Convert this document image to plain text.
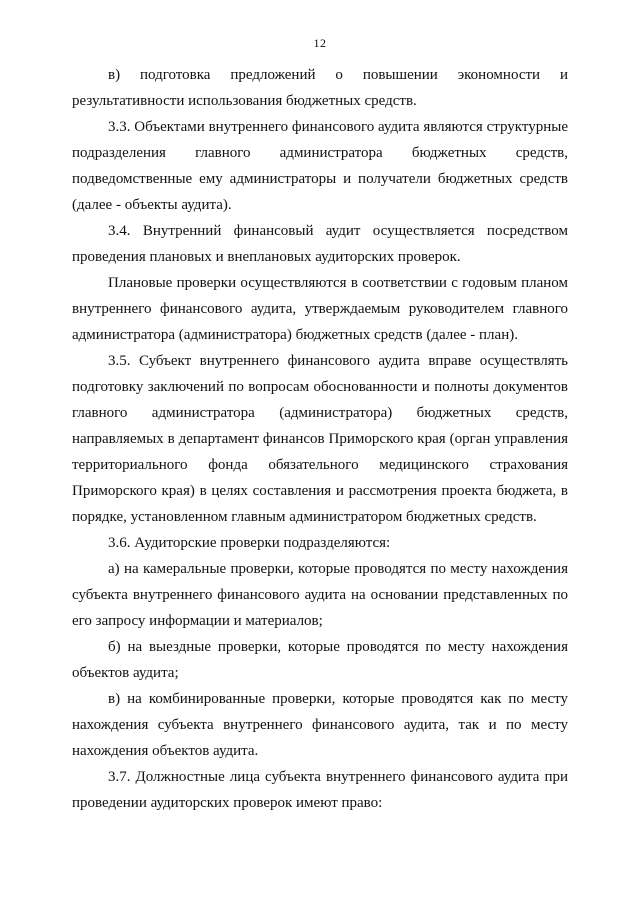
12

в) подготовка предложений о повышении экономности и результативности использования бюджетных средств.

3.3. Объектами внутреннего финансового аудита являются структурные подразделения главного администратора бюджетных средств, подведомственные ему администраторы и получатели бюджетных средств (далее - объекты аудита).

3.4. Внутренний финансовый аудит осуществляется посредством проведения плановых и внеплановых аудиторских проверок.

Плановые проверки осуществляются в соответствии с годовым планом внутреннего финансового аудита, утверждаемым руководителем главного администратора (администратора) бюджетных средств (далее - план).

3.5. Субъект внутреннего финансового аудита вправе осуществлять подготовку заключений по вопросам обоснованности и полноты документов главного администратора (администратора) бюджетных средств, направляемых в департамент финансов Приморского края (орган управления территориального фонда обязательного медицинского страхования Приморского края) в целях составления и рассмотрения проекта бюджета, в порядке, установленном главным администратором бюджетных средств.

3.6. Аудиторские проверки подразделяются:

а) на камеральные проверки, которые проводятся по месту нахождения субъекта внутреннего финансового аудита на основании представленных по его запросу информации и материалов;

б) на выездные проверки, которые проводятся по месту нахождения объектов аудита;

в) на комбинированные проверки, которые проводятся как по месту нахождения субъекта внутреннего финансового аудита, так и по месту нахождения объектов аудита.

3.7. Должностные лица субъекта внутреннего финансового аудита при проведении аудиторских проверок имеют право:
